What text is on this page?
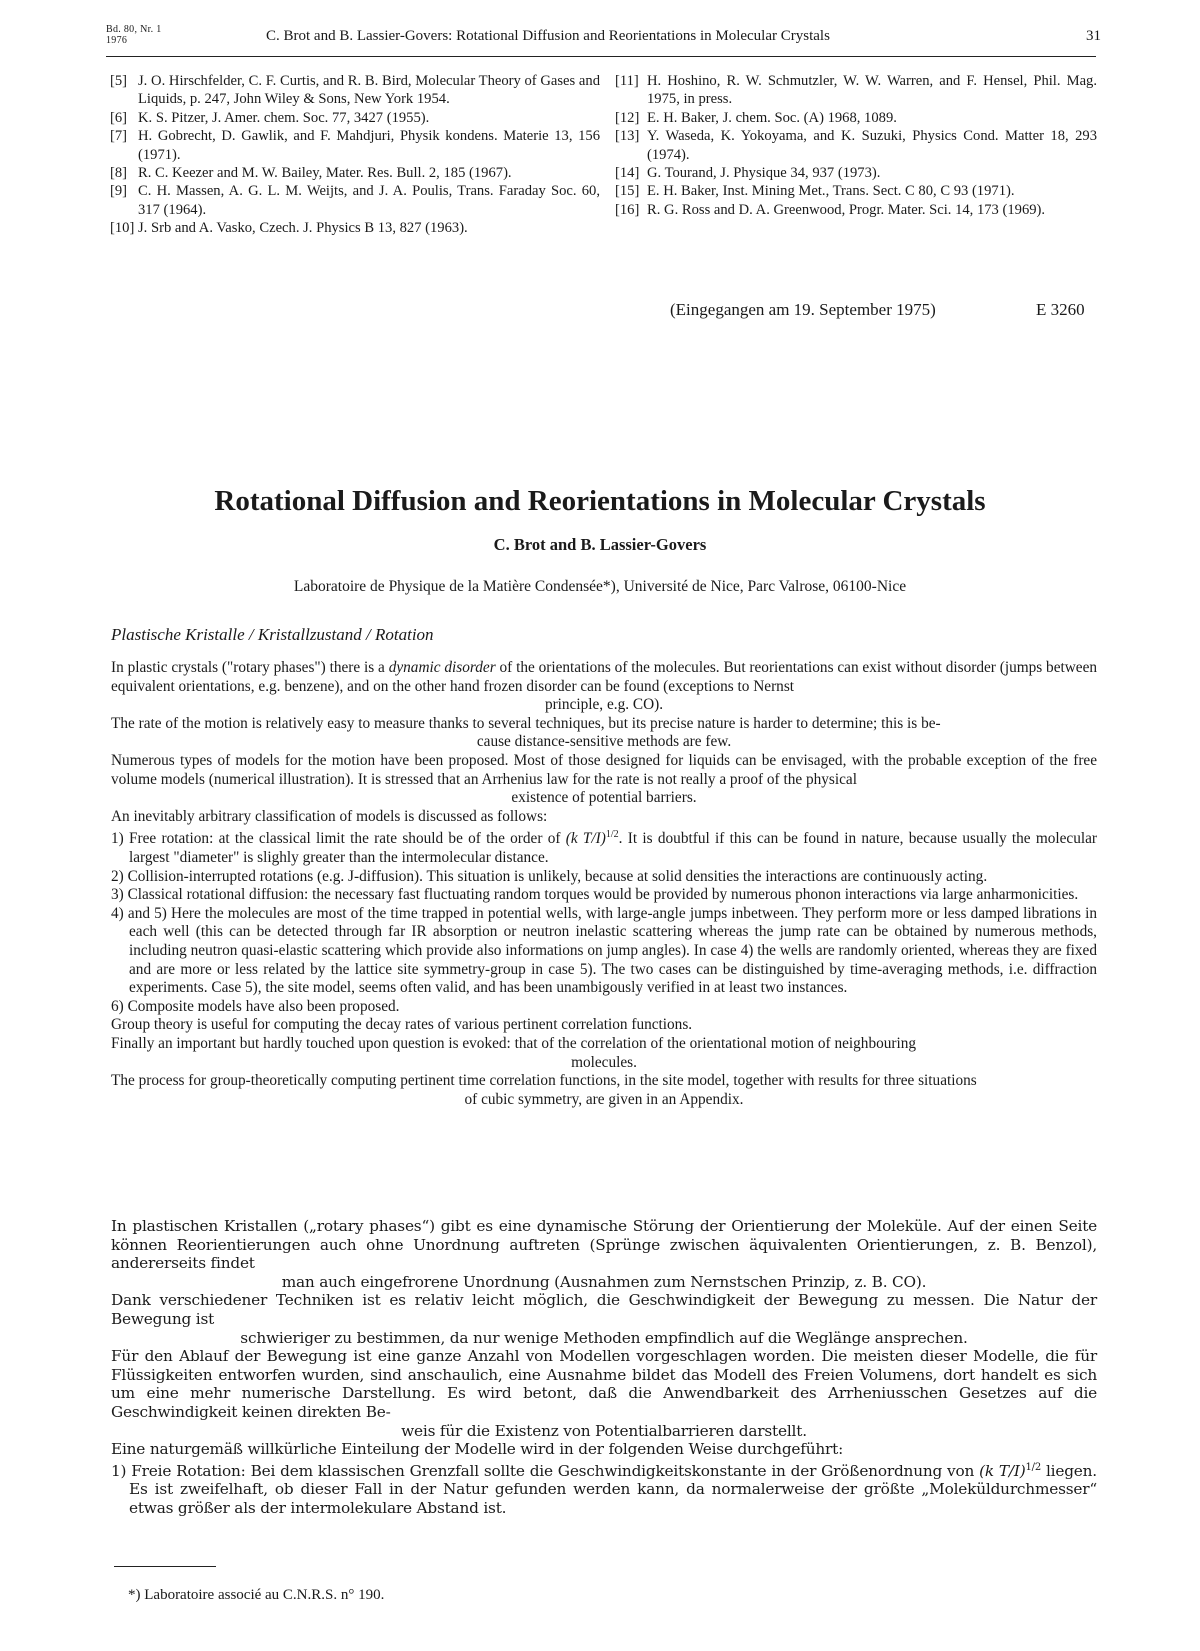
Bd. 80, Nr. 1
1976	C. Brot and B. Lassier-Govers: Rotational Diffusion and Reorientations in Molecular Crystals	31
[5] J. O. Hirschfelder, C. F. Curtis, and R. B. Bird, Molecular Theory of Gases and Liquids, p. 247, John Wiley & Sons, New York 1954.
[6] K. S. Pitzer, J. Amer. chem. Soc. 77, 3427 (1955).
[7] H. Gobrecht, D. Gawlik, and F. Mahdjuri, Physik kondens. Materie 13, 156 (1971).
[8] R. C. Keezer and M. W. Bailey, Mater. Res. Bull. 2, 185 (1967).
[9] C. H. Massen, A. G. L. M. Weijts, and J. A. Poulis, Trans. Faraday Soc. 60, 317 (1964).
[10] J. Srb and A. Vasko, Czech. J. Physics B 13, 827 (1963).
[11] H. Hoshino, R. W. Schmutzler, W. W. Warren, and F. Hensel, Phil. Mag. 1975, in press.
[12] E. H. Baker, J. chem. Soc. (A) 1968, 1089.
[13] Y. Waseda, K. Yokoyama, and K. Suzuki, Physics Cond. Matter 18, 293 (1974).
[14] G. Tourand, J. Physique 34, 937 (1973).
[15] E. H. Baker, Inst. Mining Met., Trans. Sect. C 80, C 93 (1971).
[16] R. G. Ross and D. A. Greenwood, Progr. Mater. Sci. 14, 173 (1969).
(Eingegangen am 19. September 1975)	E 3260
Rotational Diffusion and Reorientations in Molecular Crystals
C. Brot and B. Lassier-Govers
Laboratoire de Physique de la Matière Condensée*), Université de Nice, Parc Valrose, 06100-Nice
Plastische Kristalle / Kristallzustand / Rotation

In plastic crystals ("rotary phases") there is a dynamic disorder of the orientations of the molecules. But reorientations can exist without disorder (jumps between equivalent orientations, e.g. benzene), and on the other hand frozen disorder can be found (exceptions to Nernst

principle, e.g. CO).

The rate of the motion is relatively easy to measure thanks to several techniques, but its precise nature is harder to determine; this is be-

cause distance-sensitive methods are few.

Numerous types of models for the motion have been proposed. Most of those designed for liquids can be envisaged, with the probable exception of the free volume models (numerical illustration). It is stressed that an Arrhenius law for the rate is not really a proof of the physical

existence of potential barriers.

An inevitably arbitrary classification of models is discussed as follows:

1) Free rotation: at the classical limit the rate should be of the order of (k T/I)$^{1/2}$. It is doubtful if this can be found in nature, because usually the molecular largest "diameter" is slighly greater than the intermolecular distance.

2) Collision-interrupted rotations (e.g. J-diffusion). This situation is unlikely, because at solid densities the interactions are continuously acting.

3) Classical rotational diffusion: the necessary fast fluctuating random torques would be provided by numerous phonon interactions via large anharmonicities.

4) and 5) Here the molecules are most of the time trapped in potential wells, with large-angle jumps inbetween. They perform more or less damped librations in each well (this can be detected through far IR absorption or neutron inelastic scattering whereas the jump rate can be obtained by numerous methods, including neutron quasi-elastic scattering which provide also informations on jump angles). In case 4) the wells are randomly oriented, whereas they are fixed and are more or less related by the lattice site symmetry-group in case 5). The two cases can be distinguished by time-averaging methods, i.e. diffraction experiments. Case 5), the site model, seems often valid, and has been unambigously verified in at least two instances.

6) Composite models have also been proposed.

Group theory is useful for computing the decay rates of various pertinent correlation functions.

Finally an important but hardly touched upon question is evoked: that of the correlation of the orientational motion of neighbouring

molecules.

The process for group-theoretically computing pertinent time correlation functions, in the site model, together with results for three situations

of cubic symmetry, are given in an Appendix.

In plastischen Kristallen („rotary phases“) gibt es eine dynamische Störung der Orientierung der Moleküle. Auf der einen Seite können Reorientierungen auch ohne Unordnung auftreten (Sprünge zwischen äquivalenten Orientierungen, z. B. Benzol), andererseits findet

man auch eingefrorene Unordnung (Ausnahmen zum Nernstschen Prinzip, z. B. CO).

Dank verschiedener Techniken ist es relativ leicht möglich, die Geschwindigkeit der Bewegung zu messen. Die Natur der Bewegung ist

schwieriger zu bestimmen, da nur wenige Methoden empfindlich auf die Weglänge ansprechen.

Für den Ablauf der Bewegung ist eine ganze Anzahl von Modellen vorgeschlagen worden. Die meisten dieser Modelle, die für Flüssigkeiten entworfen wurden, sind anschaulich, eine Ausnahme bildet das Modell des Freien Volumens, dort handelt es sich um eine mehr numerische Darstellung. Es wird betont, daß die Anwendbarkeit des Arrheniusschen Gesetzes auf die Geschwindigkeit keinen direkten Be-

weis für die Existenz von Potentialbarrieren darstellt.

Eine naturgemäß willkürliche Einteilung der Modelle wird in der folgenden Weise durchgeführt:

1) Freie Rotation: Bei dem klassischen Grenzfall sollte die Geschwindigkeitskonstante in der Größenordnung von (k T/I)$^{1/2}$ liegen. Es ist zweifelhaft, ob dieser Fall in der Natur gefunden werden kann, da normalerweise der größte „Moleküldurchmesser“ etwas größer als der intermolekulare Abstand ist.

*) Laboratoire associé au C.N.R.S. n° 190.
